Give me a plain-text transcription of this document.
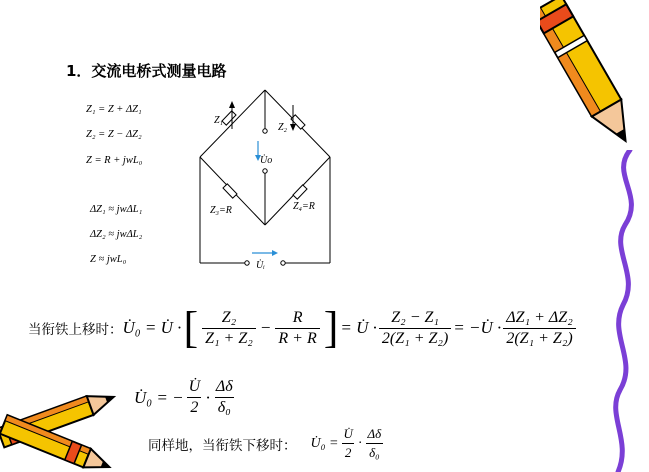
1．交流电桥式测量电路
Z₁ = Z + ΔZ₁
Z₂ = Z − ΔZ₂
Z = R + jwL₀
ΔZ₁ ≈ jwΔL₁
ΔZ₂ ≈ jwΔL₂
Z ≈ jwL₀
Z₁
Z₂
U̇o
Z₃=R	Z₄=R
U̇ᵢ
当衔铁上移时： U̇₀ = U̇ · [ $\frac{\text{Z₂}}{\text{Z₁ + Z₂}} - \frac{R}{R + R}$ ] = U̇ · $\frac{\text{Z₂ − Z₁}}{\text{2(Z₁ + Z₂)}}$ = −U̇ · $\frac{\text{ΔZ₁ + ΔZ₂}}{\text{2(Z₁ + Z₂)}}$
U̇₀ = − $\frac{U̇}{2} \cdot \frac{\Delta\delta}{\text{δ₀}}$
同样地，当衔铁下移时： U̇₀ = $\frac{U̇}{2} \cdot \frac{\Delta\delta}{\text{δ₀}}$
